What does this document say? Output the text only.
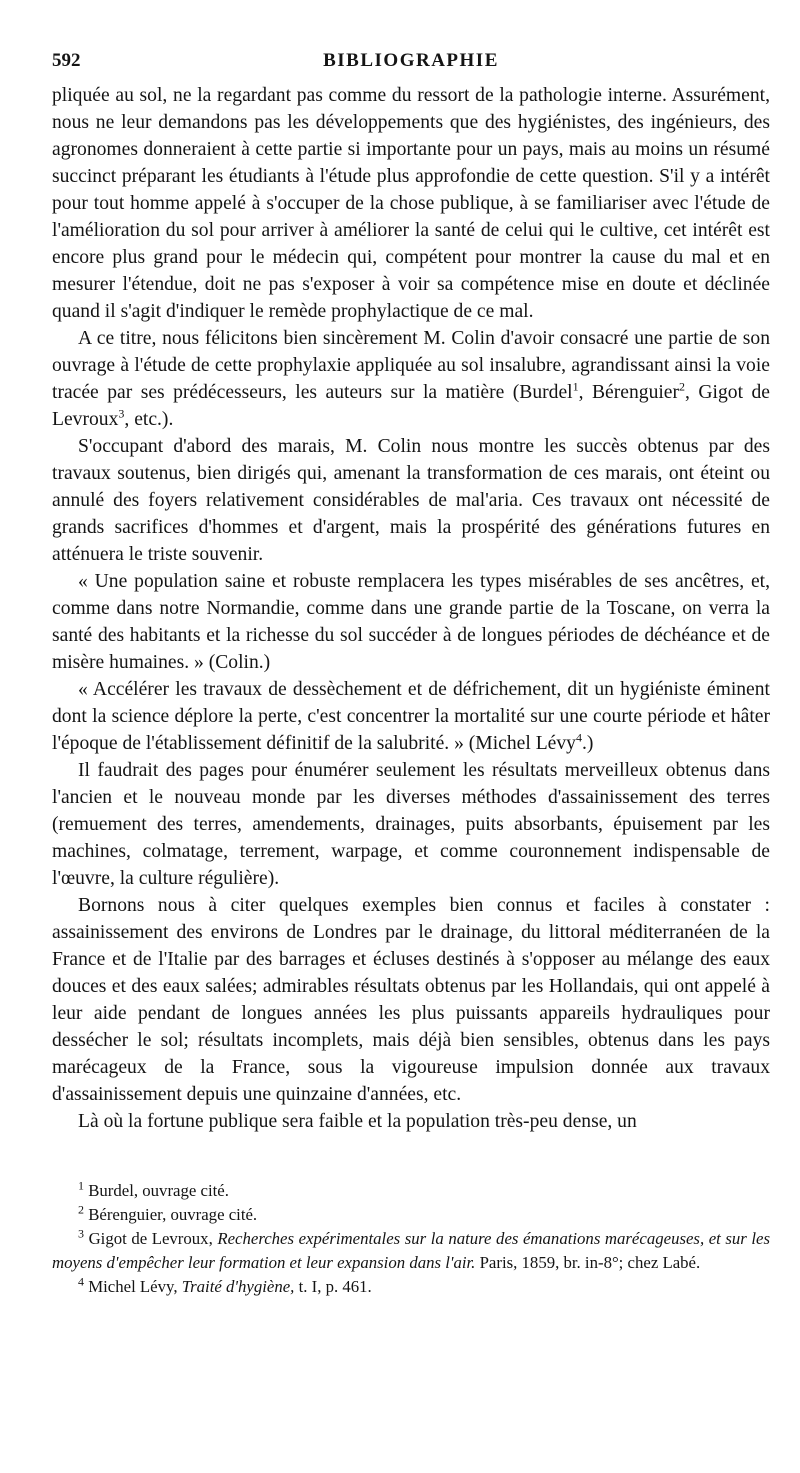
592	BIBLIOGRAPHIE

pliquée au sol, ne la regardant pas comme du ressort de la pathologie interne. Assurément, nous ne leur demandons pas les développements que des hygiénistes, des ingénieurs, des agronomes donneraient à cette partie si importante pour un pays, mais au moins un résumé succinct préparant les étudiants à l'étude plus approfondie de cette question. S'il y a intérêt pour tout homme appelé à s'occuper de la chose publique, à se familiariser avec l'étude de l'amélioration du sol pour arriver à améliorer la santé de celui qui le cultive, cet intérêt est encore plus grand pour le médecin qui, compétent pour montrer la cause du mal et en mesurer l'étendue, doit ne pas s'exposer à voir sa compétence mise en doute et déclinée quand il s'agit d'indiquer le remède prophylactique de ce mal.

A ce titre, nous félicitons bien sincèrement M. Colin d'avoir consacré une partie de son ouvrage à l'étude de cette prophylaxie appliquée au sol insalubre, agrandissant ainsi la voie tracée par ses prédécesseurs, les auteurs sur la matière (Burdel$^1$, Bérenguier$^2$, Gigot de Levroux$^3$, etc.).

S'occupant d'abord des marais, M. Colin nous montre les succès obtenus par des travaux soutenus, bien dirigés qui, amenant la transformation de ces marais, ont éteint ou annulé des foyers relativement considérables de mal'aria. Ces travaux ont nécessité de grands sacrifices d'hommes et d'argent, mais la prospérité des générations futures en atténuera le triste souvenir.

« Une population saine et robuste remplacera les types misérables de ses ancêtres, et, comme dans notre Normandie, comme dans une grande partie de la Toscane, on verra la santé des habitants et la richesse du sol succéder à de longues périodes de déchéance et de misère humaines. » (Colin.)

« Accélérer les travaux de dessèchement et de défrichement, dit un hygiéniste éminent dont la science déplore la perte, c'est concentrer la mortalité sur une courte période et hâter l'époque de l'établissement définitif de la salubrité. » (Michel Lévy$^4$.)

Il faudrait des pages pour énumérer seulement les résultats merveilleux obtenus dans l'ancien et le nouveau monde par les diverses méthodes d'assainissement des terres (remuement des terres, amendements, drainages, puits absorbants, épuisement par les machines, colmatage, terrement, warpage, et comme couronnement indispensable de l'œuvre, la culture régulière).

Bornons nous à citer quelques exemples bien connus et faciles à constater : assainissement des environs de Londres par le drainage, du littoral méditerranéen de la France et de l'Italie par des barrages et écluses destinés à s'opposer au mélange des eaux douces et des eaux salées; admirables résultats obtenus par les Hollandais, qui ont appelé à leur aide pendant de longues années les plus puissants appareils hydrauliques pour dessécher le sol; résultats incomplets, mais déjà bien sensibles, obtenus dans les pays marécageux de la France, sous la vigoureuse impulsion donnée aux travaux d'assainissement depuis une quinzaine d'années, etc.

Là où la fortune publique sera faible et la population très-peu dense, un

$^1$ Burdel, ouvrage cité.

$^2$ Bérenguier, ouvrage cité.

$^3$ Gigot de Levroux, Recherches expérimentales sur la nature des émanations marécageuses, et sur les moyens d'empêcher leur formation et leur expansion dans l'air. Paris, 1859, br. in-8°; chez Labé.

$^4$ Michel Lévy, Traité d'hygiène, t. I, p. 461.
